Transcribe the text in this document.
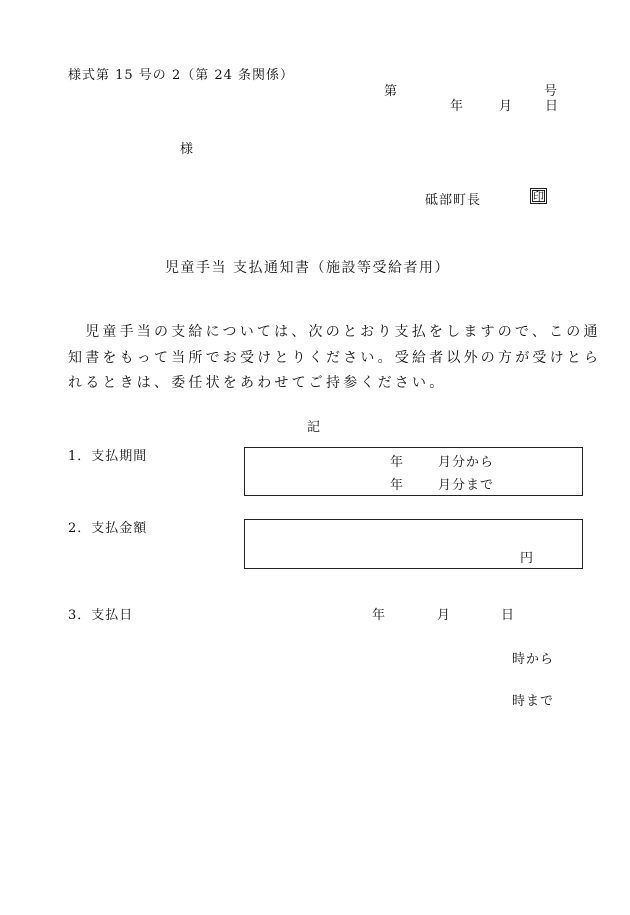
様式第 15 号の 2（第 24 条関係）
第	号
年	月 日
様
砥部町長	印
児童手当 支払通知書（施設等受給者用）
　児童手当の支給については、次のとおり支払をしますので、この通
知書をもって当所でお受けとりください。受給者以外の方が受けとら
れるときは、委任状をあわせてご持参ください。
記
1．支払期間	年	月分から
年	月分まで
2．支払金額
円
3．支払日	年	月	日
時から
時まで
